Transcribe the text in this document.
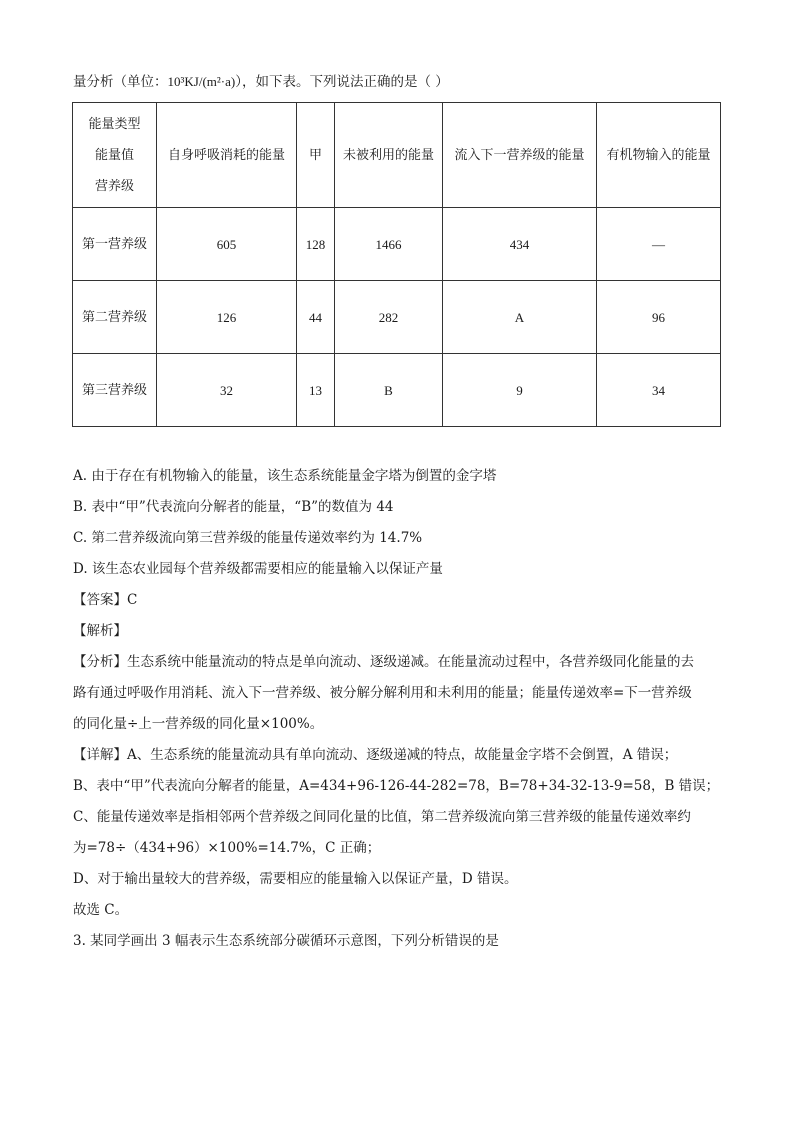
量分析（单位：10³KJ/(m²·a)），如下表。下列说法正确的是（ ）
能量类型
能量值
营养级	自身呼吸消耗的能量	甲	未被利用的能量	流入下一营养级的能量	有机物输入的能量
第一营养级	605	128	1466	434	—
第二营养级	126	44	282	A	96
第三营养级	32	13	B	9	34
A. 由于存在有机物输入的能量，该生态系统能量金字塔为倒置的金字塔
B. 表中“甲”代表流向分解者的能量，“B”的数值为 44
C. 第二营养级流向第三营养级的能量传递效率约为 14.7%
D. 该生态农业园每个营养级都需要相应的能量输入以保证产量
【答案】C
【解析】
【分析】生态系统中能量流动的特点是单向流动、逐级递减。在能量流动过程中，各营养级同化能量的去
路有通过呼吸作用消耗、流入下一营养级、被分解分解利用和未利用的能量；能量传递效率=下一营养级
的同化量÷上一营养级的同化量×100%。
【详解】A、生态系统的能量流动具有单向流动、逐级递减的特点，故能量金字塔不会倒置，A 错误；
B、表中“甲”代表流向分解者的能量，A=434+96-126-44-282=78，B=78+34-32-13-9=58，B 错误；
C、能量传递效率是指相邻两个营养级之间同化量的比值，第二营养级流向第三营养级的能量传递效率约
为=78÷（434+96）×100%=14.7%，C 正确；
D、对于输出量较大的营养级，需要相应的能量输入以保证产量，D 错误。
故选 C。
3. 某同学画出 3 幅表示生态系统部分碳循环示意图，下列分析错误的是
